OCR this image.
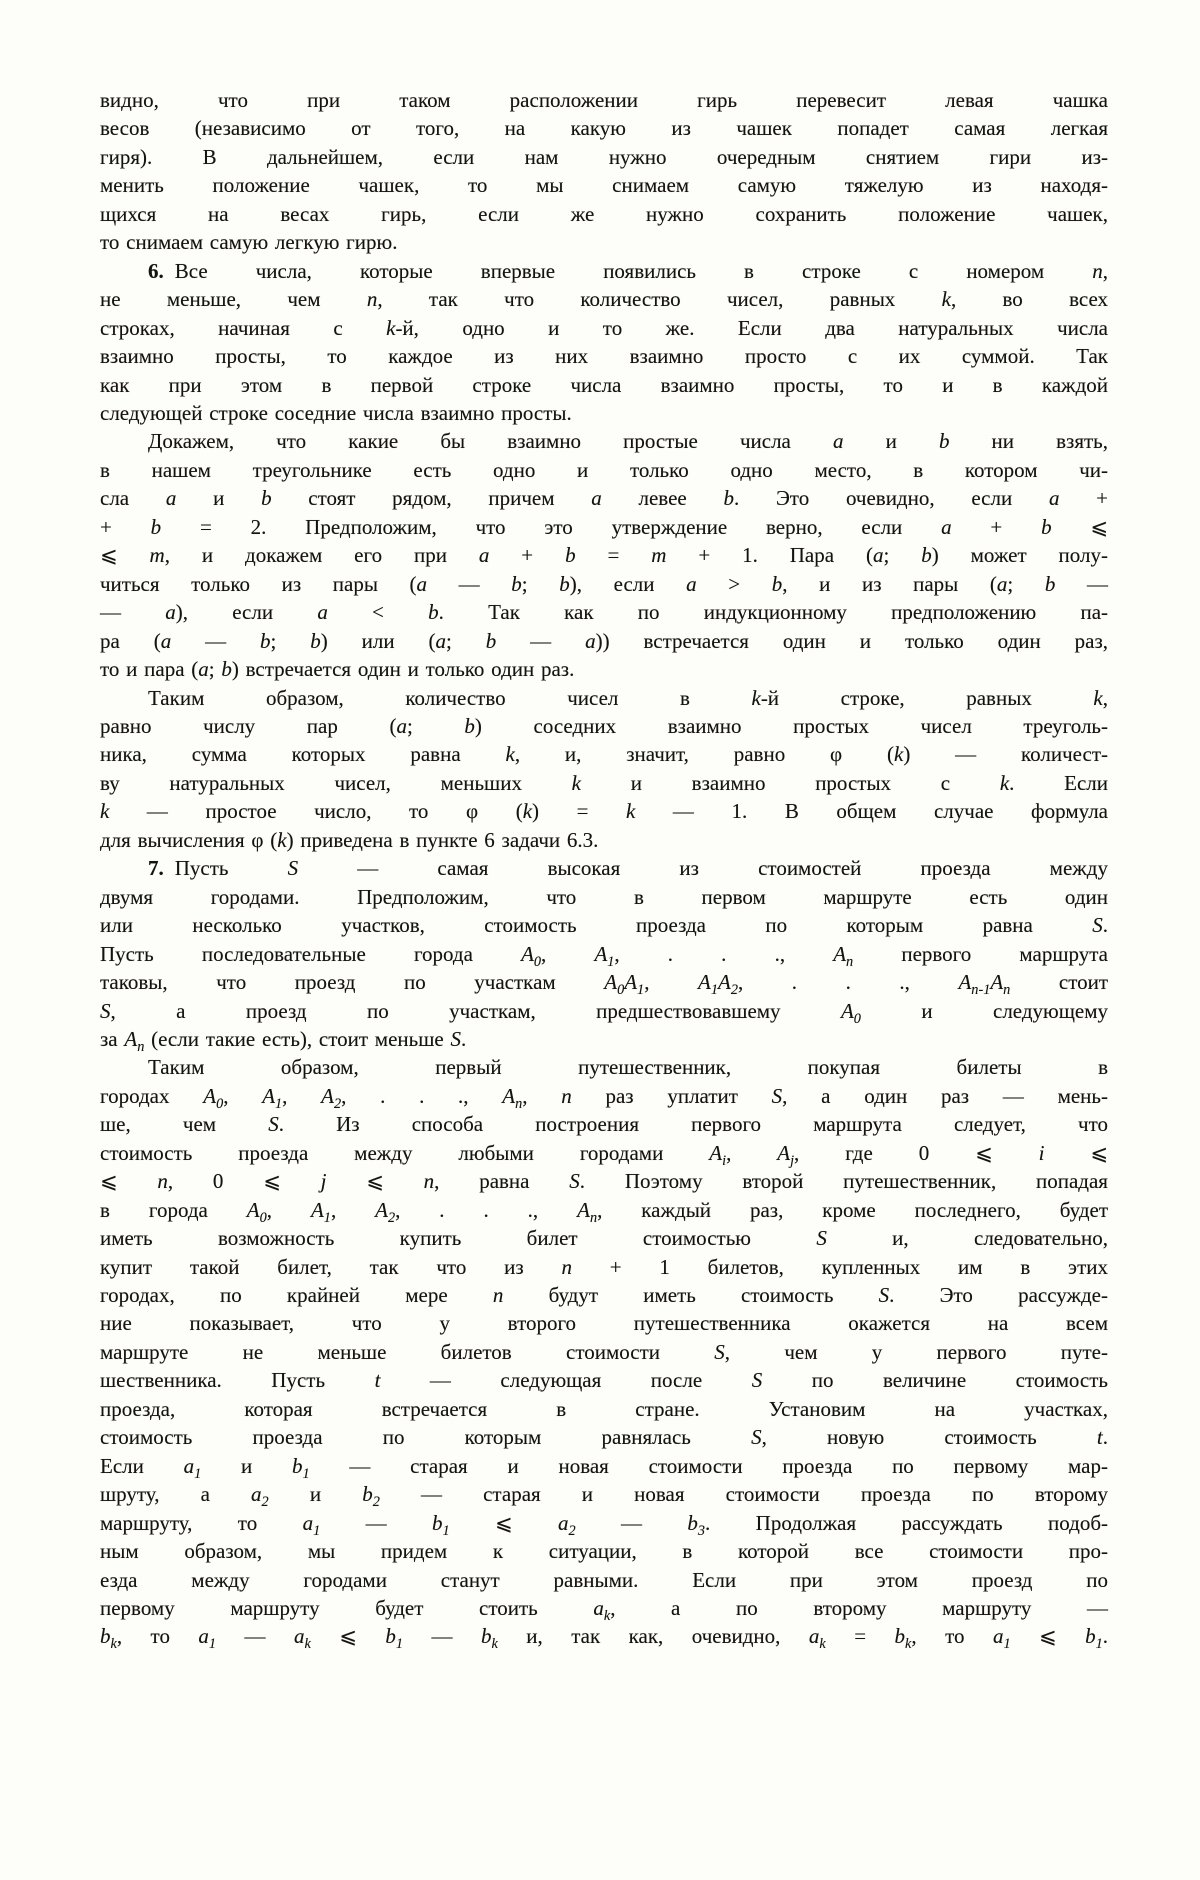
видно, что при таком расположении гирь перевесит левая чашка
весов (независимо от того, на какую из чашек попадет самая легкая
гиря). В дальнейшем, если нам нужно очередным снятием гири из-
менить положение чашек, то мы снимаем самую тяжелую из находя-
щихся на весах гирь, если же нужно сохранить положение чашек,
то снимаем самую легкую гирю.
6. Все числа, которые впервые появились в строке с номером n,
не меньше, чем n, так что количество чисел, равных k, во всех
строках, начиная с k-й, одно и то же. Если два натуральных числа
взаимно просты, то каждое из них взаимно просто с их суммой. Так
как при этом в первой строке числа взаимно просты, то и в каждой
следующей строке соседние числа взаимно просты.
Докажем, что какие бы взаимно простые числа a и b ни взять,
в нашем треугольнике есть одно и только одно место, в котором чи-
сла a и b стоят рядом, причем a левее b. Это очевидно, если a +
+ b = 2. Предположим, что это утверждение верно, если a + b ⩽
⩽ m, и докажем его при a + b = m + 1. Пара (a; b) может полу-
читься только из пары (a — b; b), если a > b, и из пары (a; b —
— a), если a < b. Так как по индукционному предположению па-
ра (a — b; b) или (a; b — a)) встречается один и только один раз,
то и пара (a; b) встречается один и только один раз.
Таким образом, количество чисел в k-й строке, равных k,
равно числу пар (a; b) соседних взаимно простых чисел треуголь-
ника, сумма которых равна k, и, значит, равно φ (k) — количест-
ву натуральных чисел, меньших k и взаимно простых с k. Если
k — простое число, то φ (k) = k — 1. В общем случае формула
для вычисления φ (k) приведена в пункте 6 задачи 6.3.
7. Пусть S — самая высокая из стоимостей проезда между
двумя городами. Предположим, что в первом маршруте есть один
или несколько участков, стоимость проезда по которым равна S.
Пусть последовательные города $A_0$, $A_1$, . . ., $A_n$ первого маршрута
таковы, что проезд по участкам $A_0A_1$, $A_1A_2$, . . ., $A_{n-1}A_n$ стоит
S, а проезд по участкам, предшествовавшему $A_0$ и следующему
за $A_n$ (если такие есть), стоит меньше S.
Таким образом, первый путешественник, покупая билеты в
городах $A_0$, $A_1$, $A_2$, . . ., $A_n$, n раз уплатит S, а один раз — мень-
ше, чем S. Из способа построения первого маршрута следует, что
стоимость проезда между любыми городами $A_i$, $A_j$, где 0 ⩽ i ⩽
⩽ n, 0 ⩽ j ⩽ n, равна S. Поэтому второй путешественник, попадая
в города $A_0$, $A_1$, $A_2$, . . ., $A_n$, каждый раз, кроме последнего, будет
иметь возможность купить билет стоимостью S и, следовательно,
купит такой билет, так что из n + 1 билетов, купленных им в этих
городах, по крайней мере n будут иметь стоимость S. Это рассужде-
ние показывает, что у второго путешественника окажется на всем
маршруте не меньше билетов стоимости S, чем у первого путе-
шественника. Пусть t — следующая после S по величине стоимость
проезда, которая встречается в стране. Установим на участках,
стоимость проезда по которым равнялась S, новую стоимость t.
Если $a_1$ и $b_1$ — старая и новая стоимости проезда по первому мар-
шруту, а $a_2$ и $b_2$ — старая и новая стоимости проезда по второму
маршруту, то $a_1$ — $b_1$ ⩽ $a_2$ — $b_3$. Продолжая рассуждать подоб-
ным образом, мы придем к ситуации, в которой все стоимости про-
езда между городами станут равными. Если при этом проезд по
первому маршруту будет стоить $a_k$, а по второму маршруту —
$b_k$, то $a_1$ — $a_k$ ⩽ $b_1$ — $b_k$ и, так как, очевидно, $a_k = b_k$, то $a_1$ ⩽ $b_1$.
